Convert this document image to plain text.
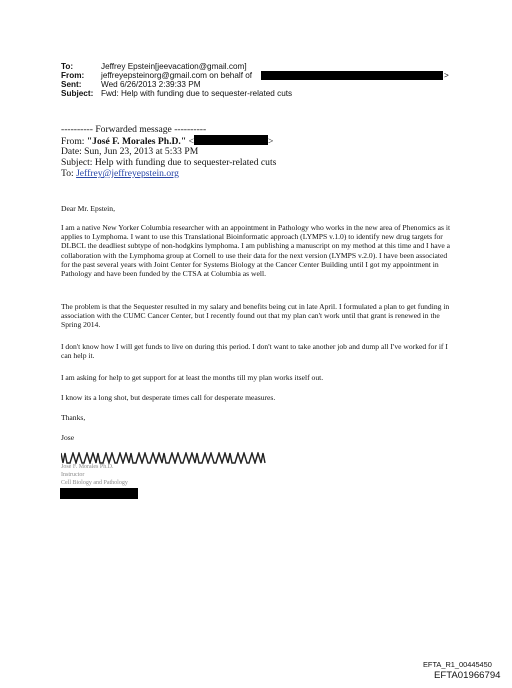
To:	Jeffrey Epstein[jeevacation@gmail.com]
From: jeffreyepsteinorg@gmail.com on behalf of	>
Sent: Wed 6/26/2013 2:39:33 PM
Subject: Fwd: Help with funding due to sequester-related cuts
---------- Forwarded message ----------
From: "José F. Morales Ph.D." <	>
Date: Sun, Jun 23, 2013 at 5:33 PM
Subject: Help with funding due to sequester-related cuts
To: Jeffrey@jeffreyepstein.org
Dear Mr. Epstein,
I am a native New Yorker Columbia researcher with an appointment in Pathology who works in the new area of Phenomics as it applies to Lymphoma. I want to use this Translational Bioinformatic approach (LYMPS v.1.0) to identify new drug targets for DLBCL the deadliest subtype of non-hodgkins lymphoma. I am publishing a manuscript on my method at this time and I have a collaboration with the Lymphoma group at Cornell to use their data for the next version (LYMPS v.2.0). I have been associated for the past several years with Joint Center for Systems Biology at the Cancer Center Building until I got my appointment in Pathology and have been funded by the CTSA at Columbia as well.
The problem is that the Sequester resulted in my salary and benefits being cut in late April. I formulated a plan to get funding in association with the CUMC Cancer Center, but I recently found out that my plan can't work until that grant is renewed in the Spring 2014.
I don't know how I will get funds to live on during this period. I don't want to take another job and dump all I've worked for if I can help it.
I am asking for help to get support for at least the months till my plan works itself out.
I know its a long shot, but desperate times call for desperate measures.
Thanks,
Jose
José F. Morales Ph.D.
Instructor
Cell Biology and Pathology
EFTA_R1_00445450
EFTA01966794
